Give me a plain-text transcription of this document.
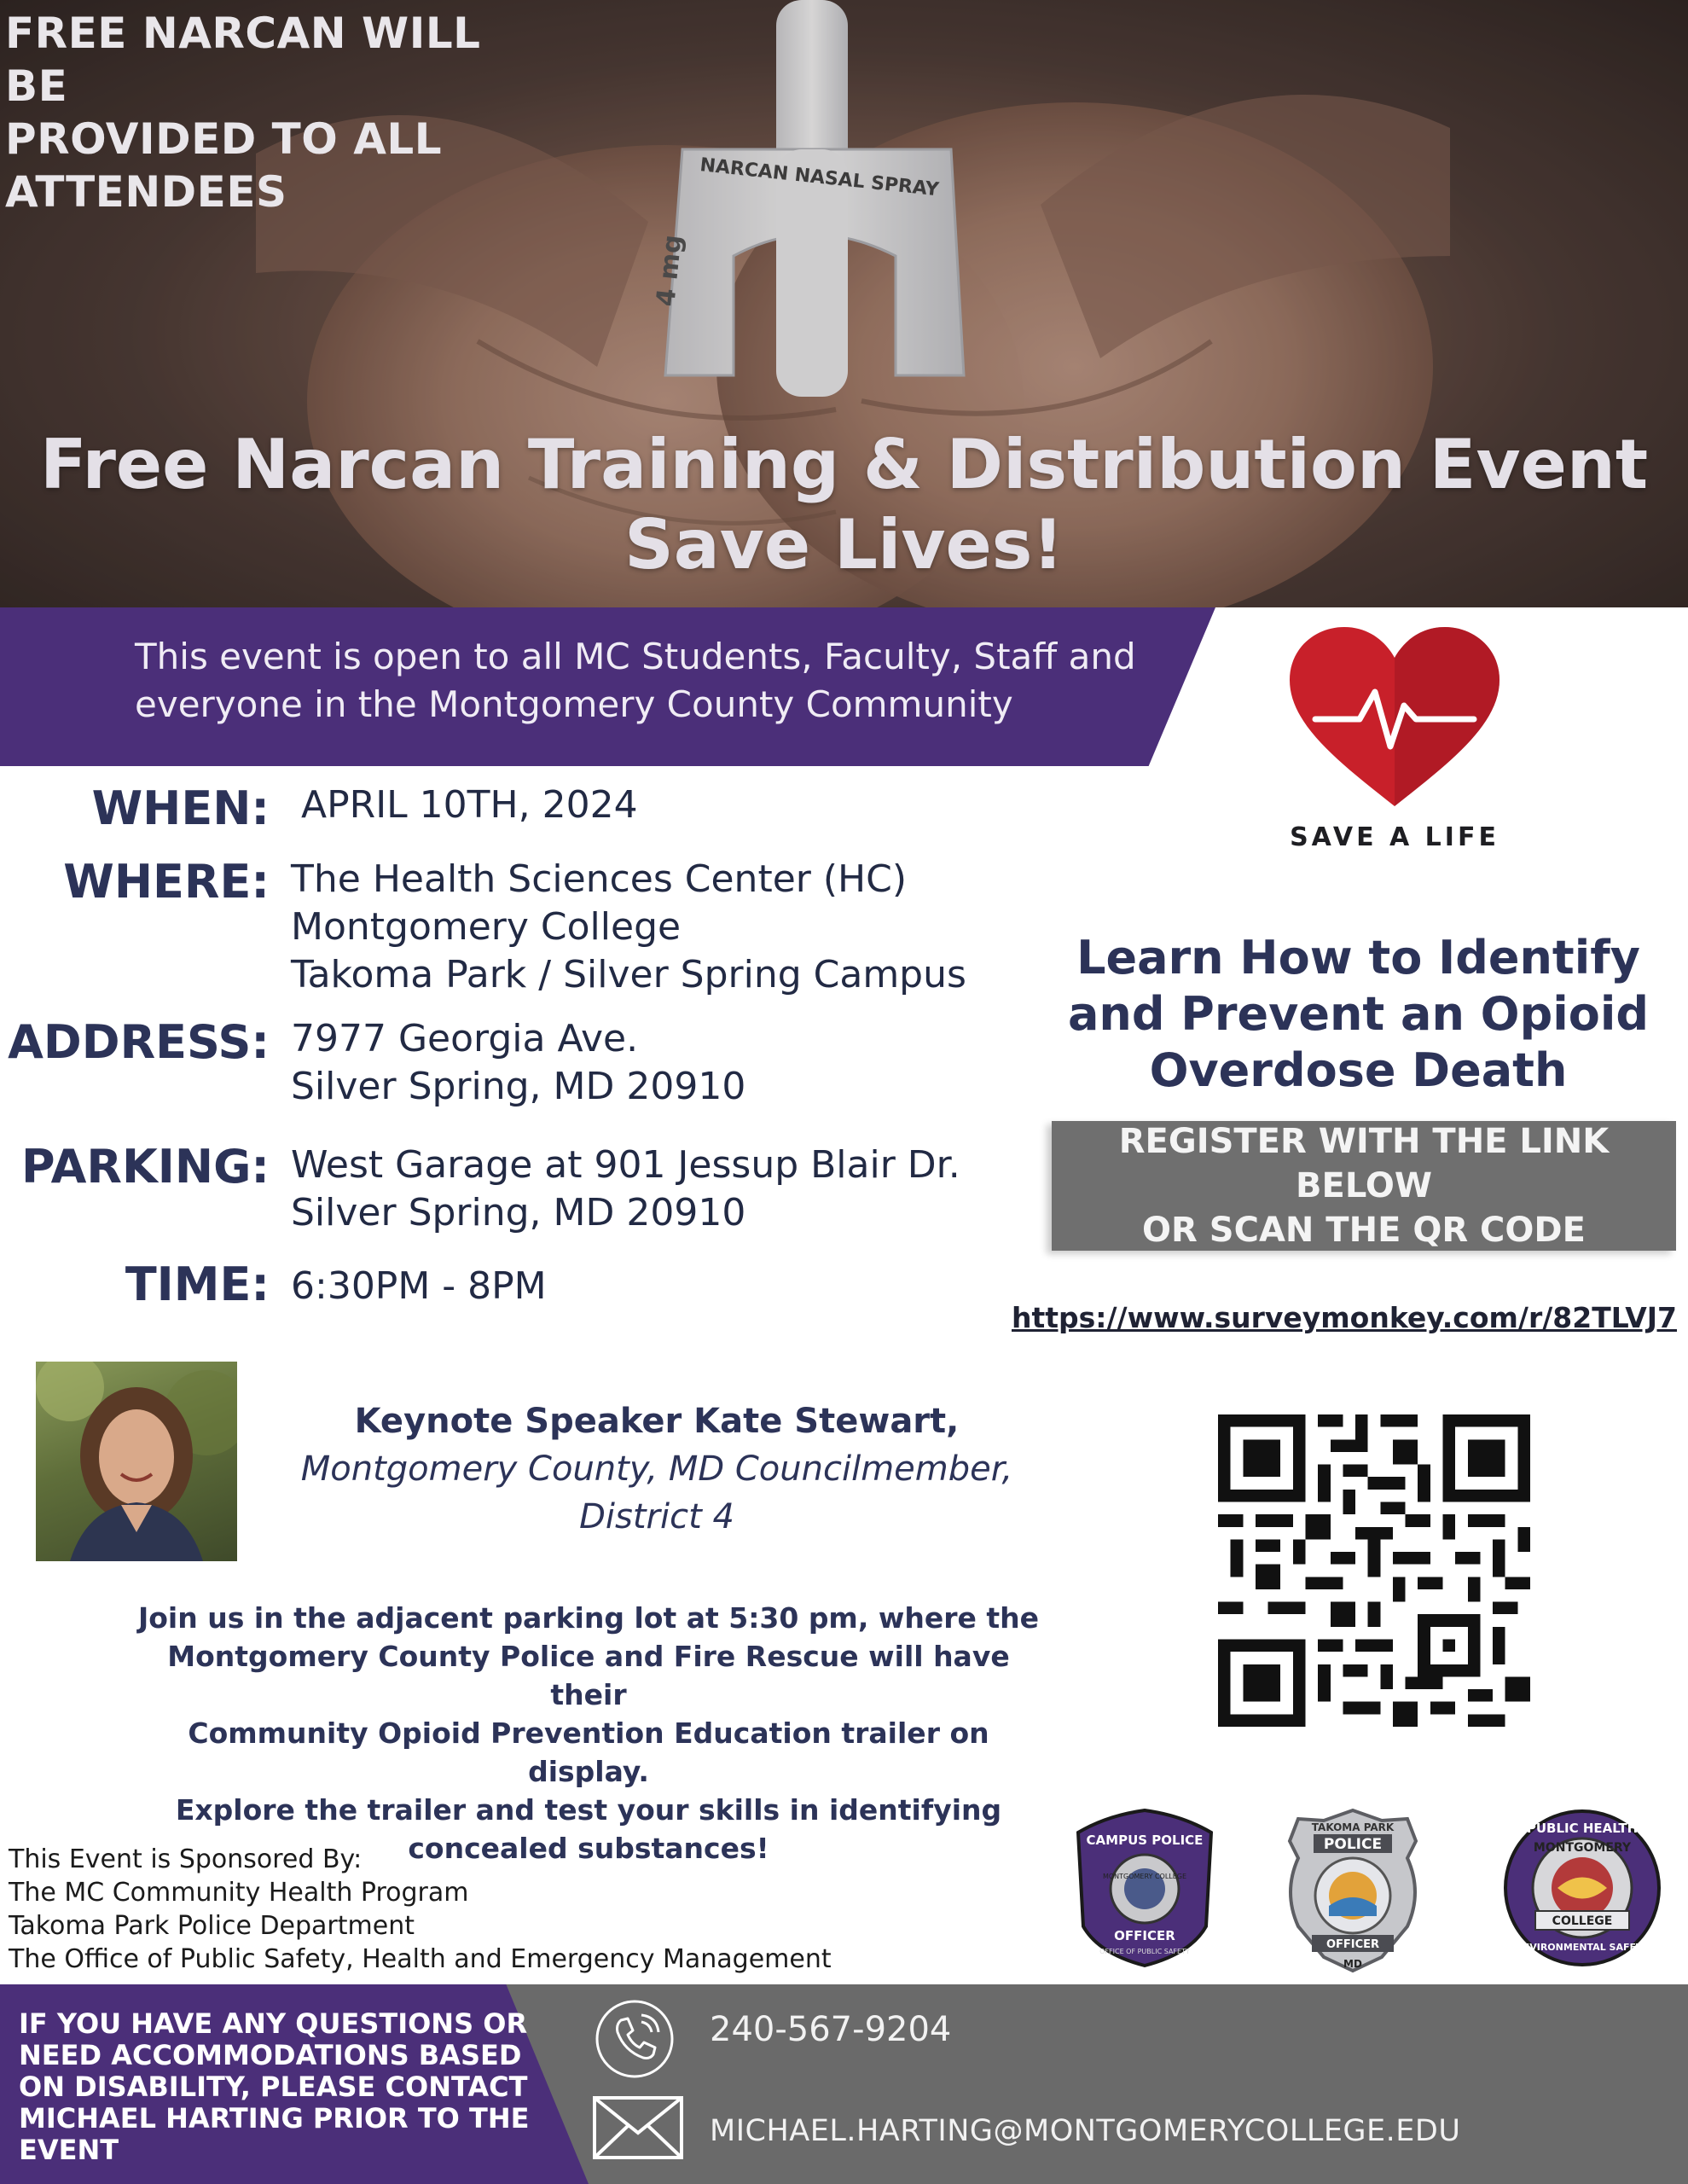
NARCAN NASAL SPRAY
4 mg
FREE NARCAN WILL BE
PROVIDED TO ALL
ATTENDEES
Free Narcan Training & Distribution Event
Save Lives!
This event is open to all MC Students, Faculty, Staff and
everyone in the Montgomery County Community
WHEN: APRIL 10TH, 2024
WHERE: The Health Sciences Center (HC)
Montgomery College
Takoma Park / Silver Spring Campus
ADDRESS: 7977 Georgia Ave.
Silver Spring, MD 20910
PARKING: West Garage at 901 Jessup Blair Dr.
Silver Spring, MD 20910
TIME: 6:30PM - 8PM
SAVE A LIFE
Learn How to Identify
and Prevent an Opioid
Overdose Death
REGISTER WITH THE LINK BELOW
OR SCAN THE QR CODE
https://www.surveymonkey.com/r/82TLVJ7
Keynote Speaker Kate Stewart,
Montgomery County, MD Councilmember,
District 4
Join us in the adjacent parking lot at 5:30 pm, where the
Montgomery County Police and Fire Rescue will have their
Community Opioid Prevention Education trailer on display.
Explore the trailer and test your skills in identifying
concealed substances!
This Event is Sponsored By:
The MC Community Health Program
Takoma Park Police Department
The Office of Public Safety, Health and Emergency Management
CAMPUS POLICE
MONTGOMERY COLLEGE
OFFICER
OFFICE OF PUBLIC SAFETY
TAKOMA PARK
POLICE
OFFICER
MD
PUBLIC HEALTH
MONTGOMERY
COLLEGE
ENVIRONMENTAL SAFETY
IF YOU HAVE ANY QUESTIONS OR
NEED ACCOMMODATIONS BASED
ON DISABILITY, PLEASE CONTACT
MICHAEL HARTING PRIOR TO THE
EVENT
240-567-9204
MICHAEL.HARTING@MONTGOMERYCOLLEGE.EDU
